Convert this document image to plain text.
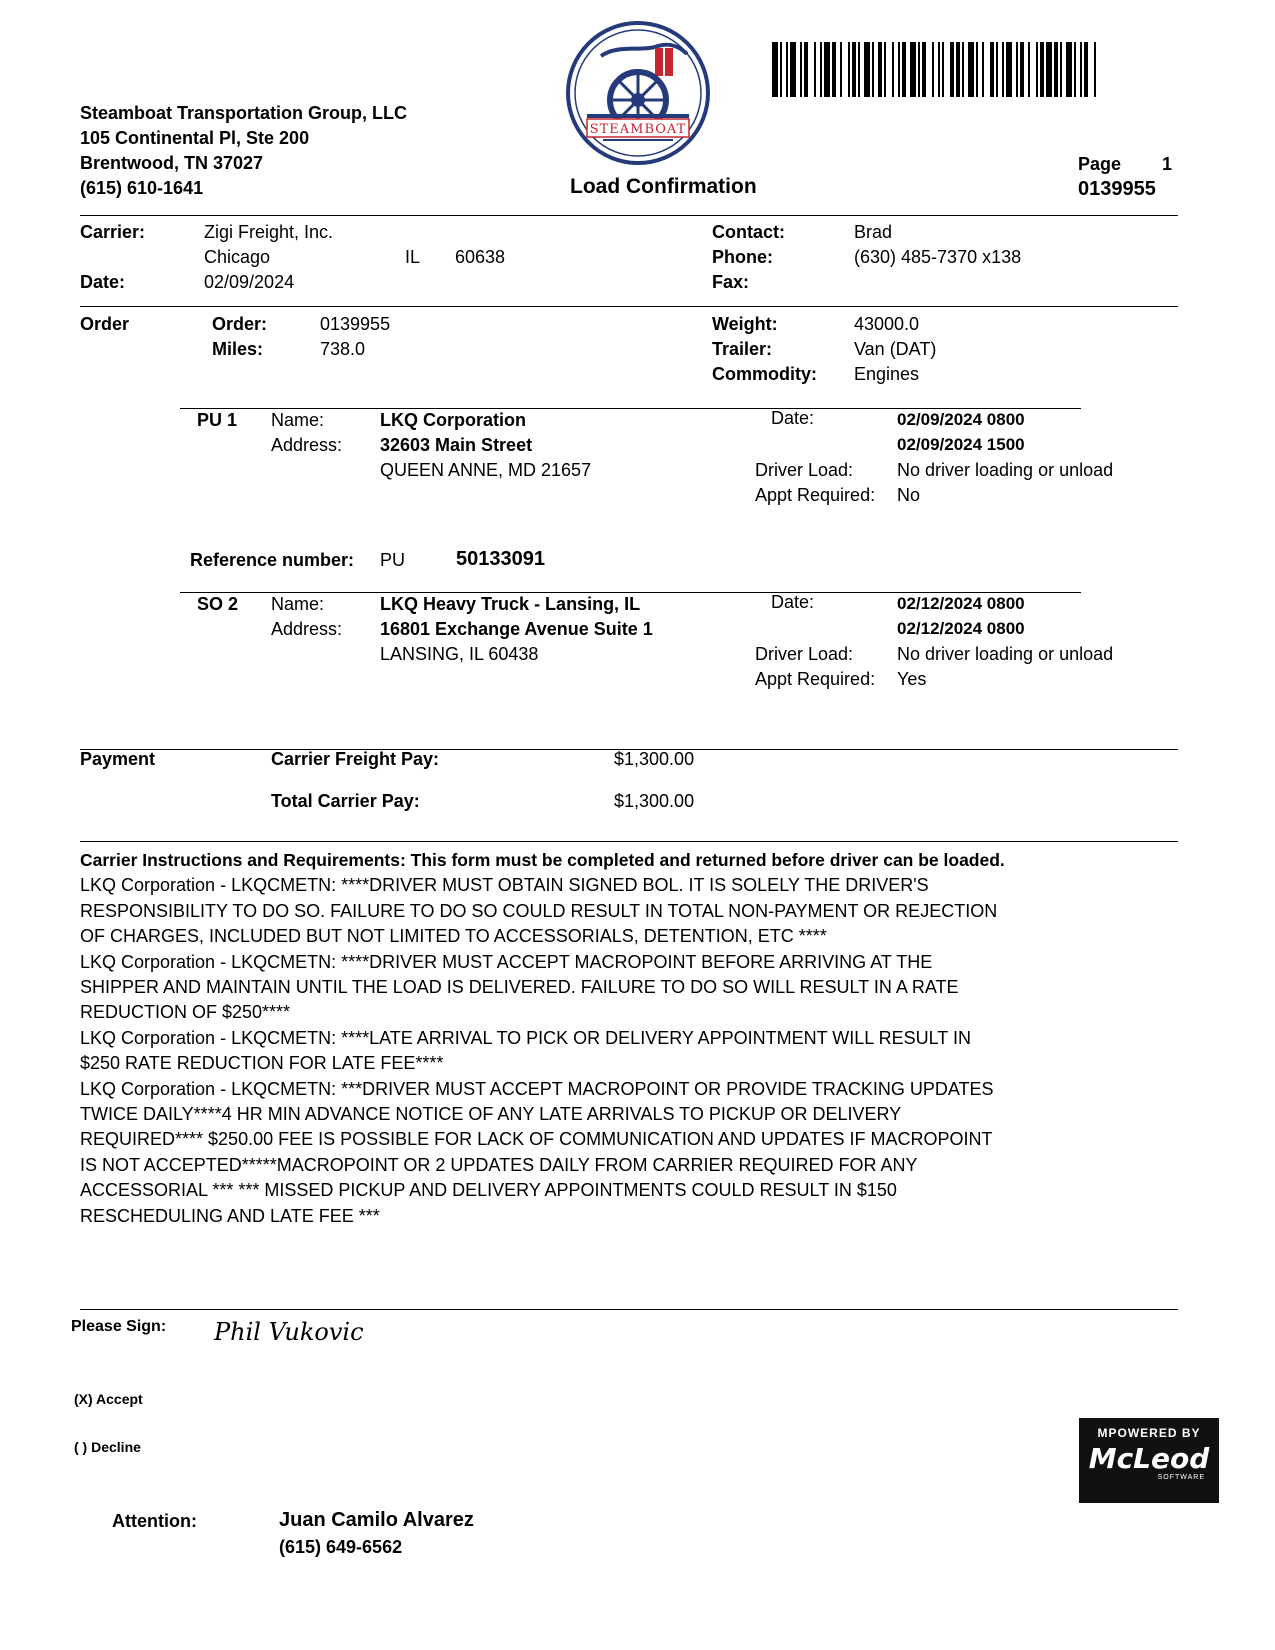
STEAMBOAT
Steamboat Transportation Group, LLC
105 Continental Pl, Ste 200
Brentwood, TN 37027
(615) 610-1641	Load Confirmation
Page 1
0139955
Carrier:	Zigi Freight, Inc.
Chicago	IL 60638
Date:	02/09/2024
Contact:	Brad
Phone:	(630) 485-7370 x138
Fax:
Order	Order:	0139955
Miles:	738.0
Weight:	43000.0
Trailer:	Van (DAT)
Commodity: Engines
PU 1 Name:	LKQ Corporation
Address: 32603 Main Street
QUEEN ANNE, MD 21657
Date:	02/09/2024 0800
02/09/2024 1500
Driver Load: No driver loading or unload
Appt Required: No
Reference number: PU	50133091
SO 2 Name:	LKQ Heavy Truck - Lansing, IL
Address: 16801 Exchange Avenue Suite 1
LANSING, IL 60438
Date:	02/12/2024 0800
02/12/2024 0800
Driver Load: No driver loading or unload
Appt Required: Yes
Payment	Carrier Freight Pay:	$1,300.00
Total Carrier Pay:	$1,300.00
Carrier Instructions and Requirements: This form must be completed and returned before driver can be loaded.
LKQ Corporation - LKQCMETN: ****DRIVER MUST OBTAIN SIGNED BOL. IT IS SOLELY THE DRIVER'S
RESPONSIBILITY TO DO SO. FAILURE TO DO SO COULD RESULT IN TOTAL NON-PAYMENT OR REJECTION
OF CHARGES, INCLUDED BUT NOT LIMITED TO ACCESSORIALS, DETENTION, ETC ****
LKQ Corporation - LKQCMETN: ****DRIVER MUST ACCEPT MACROPOINT BEFORE ARRIVING AT THE
SHIPPER AND MAINTAIN UNTIL THE LOAD IS DELIVERED. FAILURE TO DO SO WILL RESULT IN A RATE
REDUCTION OF $250****
LKQ Corporation - LKQCMETN: ****LATE ARRIVAL TO PICK OR DELIVERY APPOINTMENT WILL RESULT IN
$250 RATE REDUCTION FOR LATE FEE****
LKQ Corporation - LKQCMETN: ***DRIVER MUST ACCEPT MACROPOINT OR PROVIDE TRACKING UPDATES
TWICE DAILY****4 HR MIN ADVANCE NOTICE OF ANY LATE ARRIVALS TO PICKUP OR DELIVERY
REQUIRED**** $250.00 FEE IS POSSIBLE FOR LACK OF COMMUNICATION AND UPDATES IF MACROPOINT
IS NOT ACCEPTED*****MACROPOINT OR 2 UPDATES DAILY FROM CARRIER REQUIRED FOR ANY
ACCESSORIAL *** *** MISSED PICKUP AND DELIVERY APPOINTMENTS COULD RESULT IN $150
RESCHEDULING AND LATE FEE ***
Please Sign: Phil Vukovic
(X) Accept
( ) Decline
MPOWERED BY
McLeod
SOFTWARE
Attention:	Juan Camilo Alvarez
(615) 649-6562
